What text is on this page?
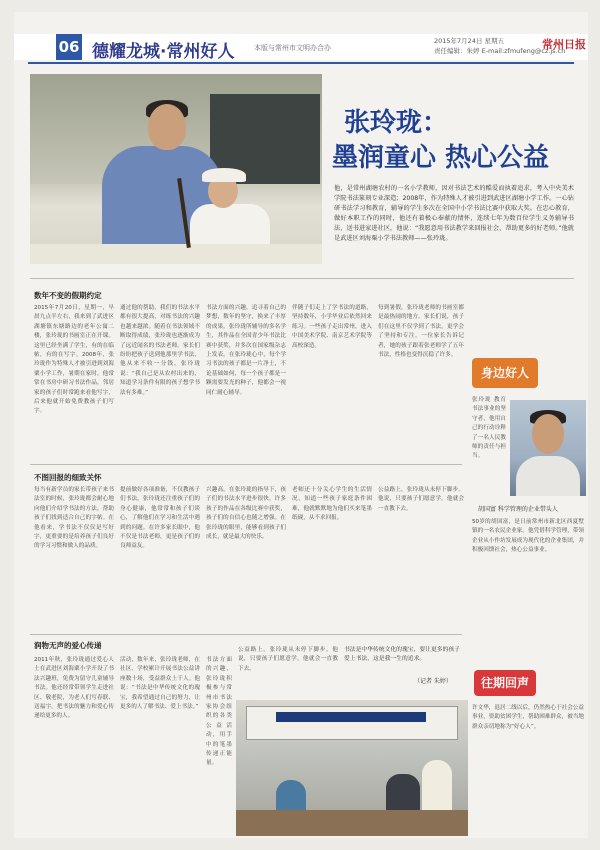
06 德耀龙城·常州好人	本版与常州市文明办合办
2015年7月24日 星期五
责任编辑：朱婷 E-mail:zfmufeng@cz.js.cn
常州日报
张玲珑：
墨润童心 热心公益
他，是常州湖塘农村的一名小学教师，因对书法艺术的酷爱而执着追求，考入中央美术学院书法篆刻专业深造；2008年，作为特殊人才被引进到武进区湖塘小学工作。一心钻研书法学习和教育，辅导的学生多次在全国中小学书法比赛中获取大奖。在忠心教育，做好本职工作的同时，他还有着极心奉献的情怀，连续七年为数百位学生义务辅导书法，送书进家进社区，他说：“我愿意用书法教学来回报社会，帮助更多的好老师。”他就是武进区刘海粟小学书法教师——张玲珑。
数年不变的假期约定
2015年7月20日，星期一，早晨九点半左右，我来到了武进区湖塘镇东塘路边的老年公寓二楼，张玲珑的书画室正在开课。这里已经坐满了学生，有的在临帖，有的在写字。2008年，张玲珑作为特殊人才被引进到刘海粟小学工作，暑期在家时，他常常在书房中研习书法作品，邻居家的孩子们时常跑来看他写字，后来他就开始免费教孩子们写字。
通过他的帮助，我们的书法水平都有很大提高，对练书法的兴趣也越来越浓。随着在书法领域不断取得成绩，张玲珑也逐渐成为了远近闻名的书法老师。家长们纷纷把孩子送到他那里学书法，他从来不收一分钱。张玲珑说：“我自己是从农村出来的，知道学习条件有限的孩子想学书法有多难。”
书法方面的兴趣，追寻着自己的梦想，数年的坚守，换来了丰厚的成果。张玲珑所辅导的多名学生，其作品在全国青少年书法比赛中获奖，并多次在国家级杂志上发表。在张玲珑心中，每个学习书法的孩子都是一片净土，不论基础如何，每一个孩子都是一颗需要发光的种子，他都会一视同仁耐心辅导。
伴随子们走上了学书法的道路，坚持数年，小学毕业后依然回来练习。一些孩子走出常州，进入中国美术学院、南京艺术学院等高校深造。
每到暑假，张玲珑老师的书画室都是最热闹的地方。家长们说，孩子们在这里不仅学到了书法，更学会了坚持和专注。一位家长告诉记者，她的孩子跟着张老师学了五年书法，性格也变得沉稳了许多。
身边好人
张玲珑 教育书法事业的坚守者，他用自己的行动诠释了一名人民教师的责任与担当。
胡国富 科学管理的企业带头人
50岁的胡国富，是日前常州市新北区西夏墅镇的一名农民企业家。他凭借科学管理，带领企业从小作坊发展成为现代化的企业集团，并积极回馈社会，热心公益事业。
不图回报的细致关怀
每当有新学员的家长带孩子来书法室的时候，张玲珑都会耐心地向他们介绍学书法的方法，帮助孩子们找到适合自己的字帖。在他看来，学书法不仅仅是写好字，更重要的是培养孩子们良好的学习习惯和做人的品质。
提前做好各项准备，不仅教孩子们书法，张玲珑还注重孩子们的身心健康，他常常和孩子们谈心，了解他们在学习和生活中遇到的问题。在许多家长眼中，他不仅是书法老师，更是孩子们的良师益友。
兴趣高，在张玲珑的指导下，孩子们的书法水平进步很快。许多孩子的作品在各级比赛中获奖，孩子们的自信心也随之增强。在张玲珑的眼里，能够看到孩子们成长，就是最大的快乐。
老师还十分关心学生的生活情况，知道一些孩子家庭条件困难，他就默默地为他们买来笔墨纸砚，从不求回报。
公益路上，张玲珑从未停下脚步。他说，只要孩子们愿意学，他就会一直教下去。
润物无声的爱心传递
2011年秋，张玲珑通过爱心人士在武进区刘海粟小学开设了书法兴趣班，免费为留守儿童辅导书法。他还经常带领学生走进社区、敬老院，为老人们写春联、送福字，把书法的魅力和爱心传递给更多的人。
活动，数年来，张玲珑老师，在社区、学校累计开展书法公益讲座数十场，受益群众上千人。他说：“书法是中华传统文化的瑰宝，我希望通过自己的努力，让更多的人了解书法、爱上书法。”
书法方面的兴趣，张玲珑积极参与常州市书法家协会组织的各类公益活动，用手中的笔墨传递正能量。
公益路上，张玲珑从未停下脚步。他说，只要孩子们愿意学，他就会一直教下去。
书法是中华传统文化的瑰宝，要让更多的孩子爱上书法，这是我一生的追求。
（记者 朱婷）	往期回声
许文华，退居二线以后，仍然热心于社会公益事业，资助贫困学生，帮助困难群众，被当地群众亲切地称为“好心人”。
